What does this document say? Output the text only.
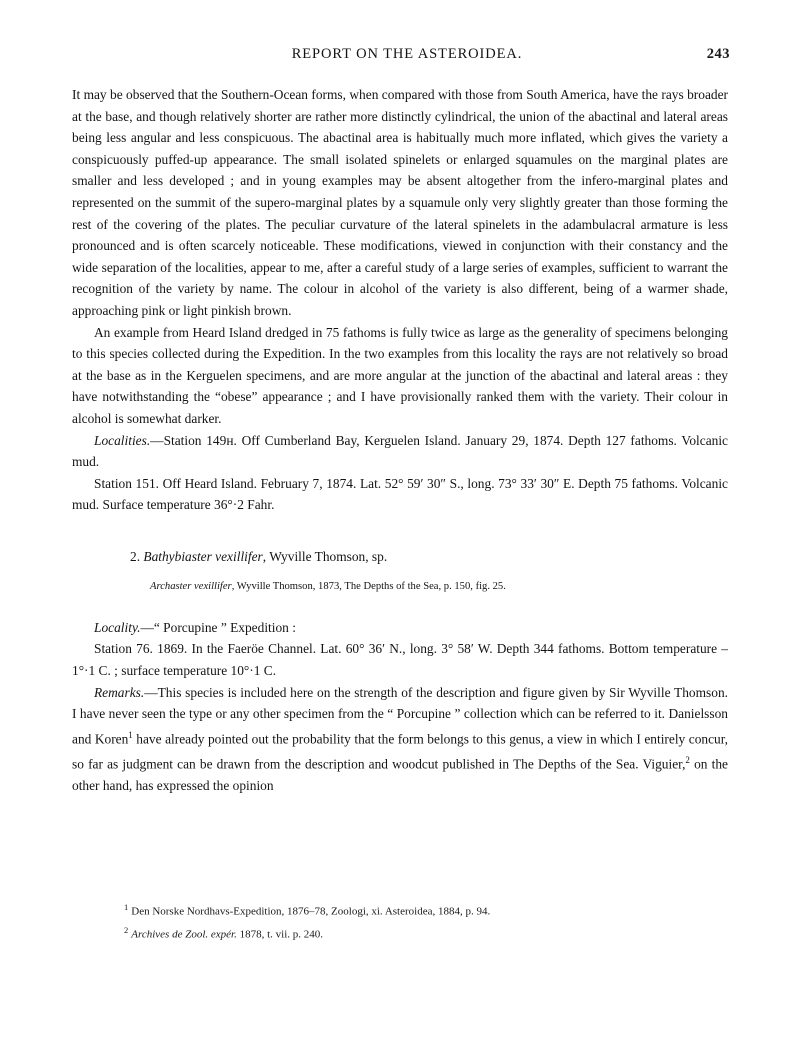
REPORT ON THE ASTEROIDEA.	243

It may be observed that the Southern-Ocean forms, when compared with those from South America, have the rays broader at the base, and though relatively shorter are rather more distinctly cylindrical, the union of the abactinal and lateral areas being less angular and less conspicuous. The abactinal area is habitually much more inflated, which gives the variety a conspicuously puffed-up appearance. The small isolated spinelets or enlarged squamules on the marginal plates are smaller and less developed ; and in young examples may be absent altogether from the infero-marginal plates and represented on the summit of the supero-marginal plates by a squamule only very slightly greater than those forming the rest of the covering of the plates. The peculiar curvature of the lateral spinelets in the adambulacral armature is less pronounced and is often scarcely noticeable. These modifications, viewed in conjunction with their constancy and the wide separation of the localities, appear to me, after a careful study of a large series of examples, sufficient to warrant the recognition of the variety by name. The colour in alcohol of the variety is also different, being of a warmer shade, approaching pink or light pinkish brown.

An example from Heard Island dredged in 75 fathoms is fully twice as large as the generality of specimens belonging to this species collected during the Expedition. In the two examples from this locality the rays are not relatively so broad at the base as in the Kerguelen specimens, and are more angular at the junction of the abactinal and lateral areas : they have notwithstanding the “obese” appearance ; and I have provisionally ranked them with the variety. Their colour in alcohol is somewhat darker.

Localities.—Station 149ʜ. Off Cumberland Bay, Kerguelen Island. January 29, 1874. Depth 127 fathoms. Volcanic mud.

Station 151. Off Heard Island. February 7, 1874. Lat. 52° 59′ 30″ S., long. 73° 33′ 30″ E. Depth 75 fathoms. Volcanic mud. Surface temperature 36°·2 Fahr.

2. Bathybiaster vexillifer, Wyville Thomson, sp.

Archaster vexillifer, Wyville Thomson, 1873, The Depths of the Sea, p. 150, fig. 25.

Locality.—“ Porcupine ” Expedition :

Station 76. 1869. In the Faeröe Channel. Lat. 60° 36′ N., long. 3° 58′ W. Depth 344 fathoms. Bottom temperature – 1°·1 C. ; surface temperature 10°·1 C.

Remarks.—This species is included here on the strength of the description and figure given by Sir Wyville Thomson. I have never seen the type or any other specimen from the “ Porcupine ” collection which can be referred to it. Danielsson and Koren$^1$ have already pointed out the probability that the form belongs to this genus, a view in which I entirely concur, so far as judgment can be drawn from the description and woodcut published in The Depths of the Sea. Viguier,$^2$ on the other hand, has expressed the opinion

$^1$ Den Norske Nordhavs-Expedition, 1876–78, Zoologi, xi. Asteroidea, 1884, p. 94.

$^2$ Archives de Zool. expér. 1878, t. vii. p. 240.
